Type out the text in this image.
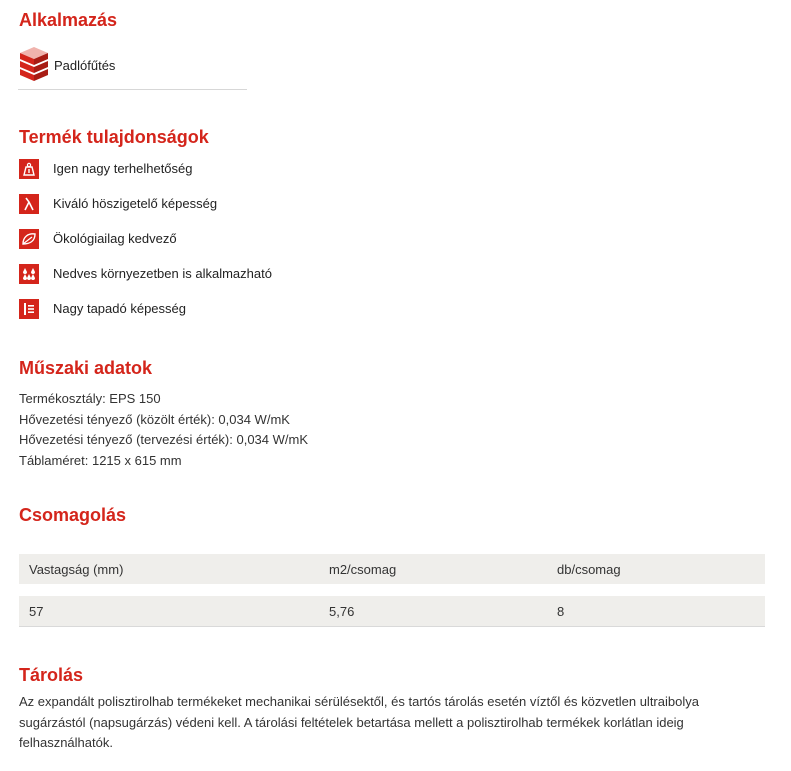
Alkalmazás
Padlófűtés
Termék tulajdonságok
Igen nagy terhelhetőség
Kiváló höszigetelő képesség
Ökológiailag kedvező
Nedves környezetben is alkalmazható
Nagy tapadó képesség
Műszaki adatok
Termékosztály: EPS 150
Hővezetési tényező (közölt érték): 0,034 W/mK
Hővezetési tényező (tervezési érték): 0,034 W/mK
Táblaméret: 1215 x 615 mm
Csomagolás
Vastagság (mm)	m2/csomag	db/csomag
57	5,76	8
Tárolás
Az expandált polisztirolhab termékeket mechanikai sérülésektől, és tartós tárolás esetén víztől és közvetlen ultraibolya sugárzástól (napsugárzás) védeni kell. A tárolási feltételek betartása mellett a polisztirolhab termékek korlátlan ideig felhasználhatók.
